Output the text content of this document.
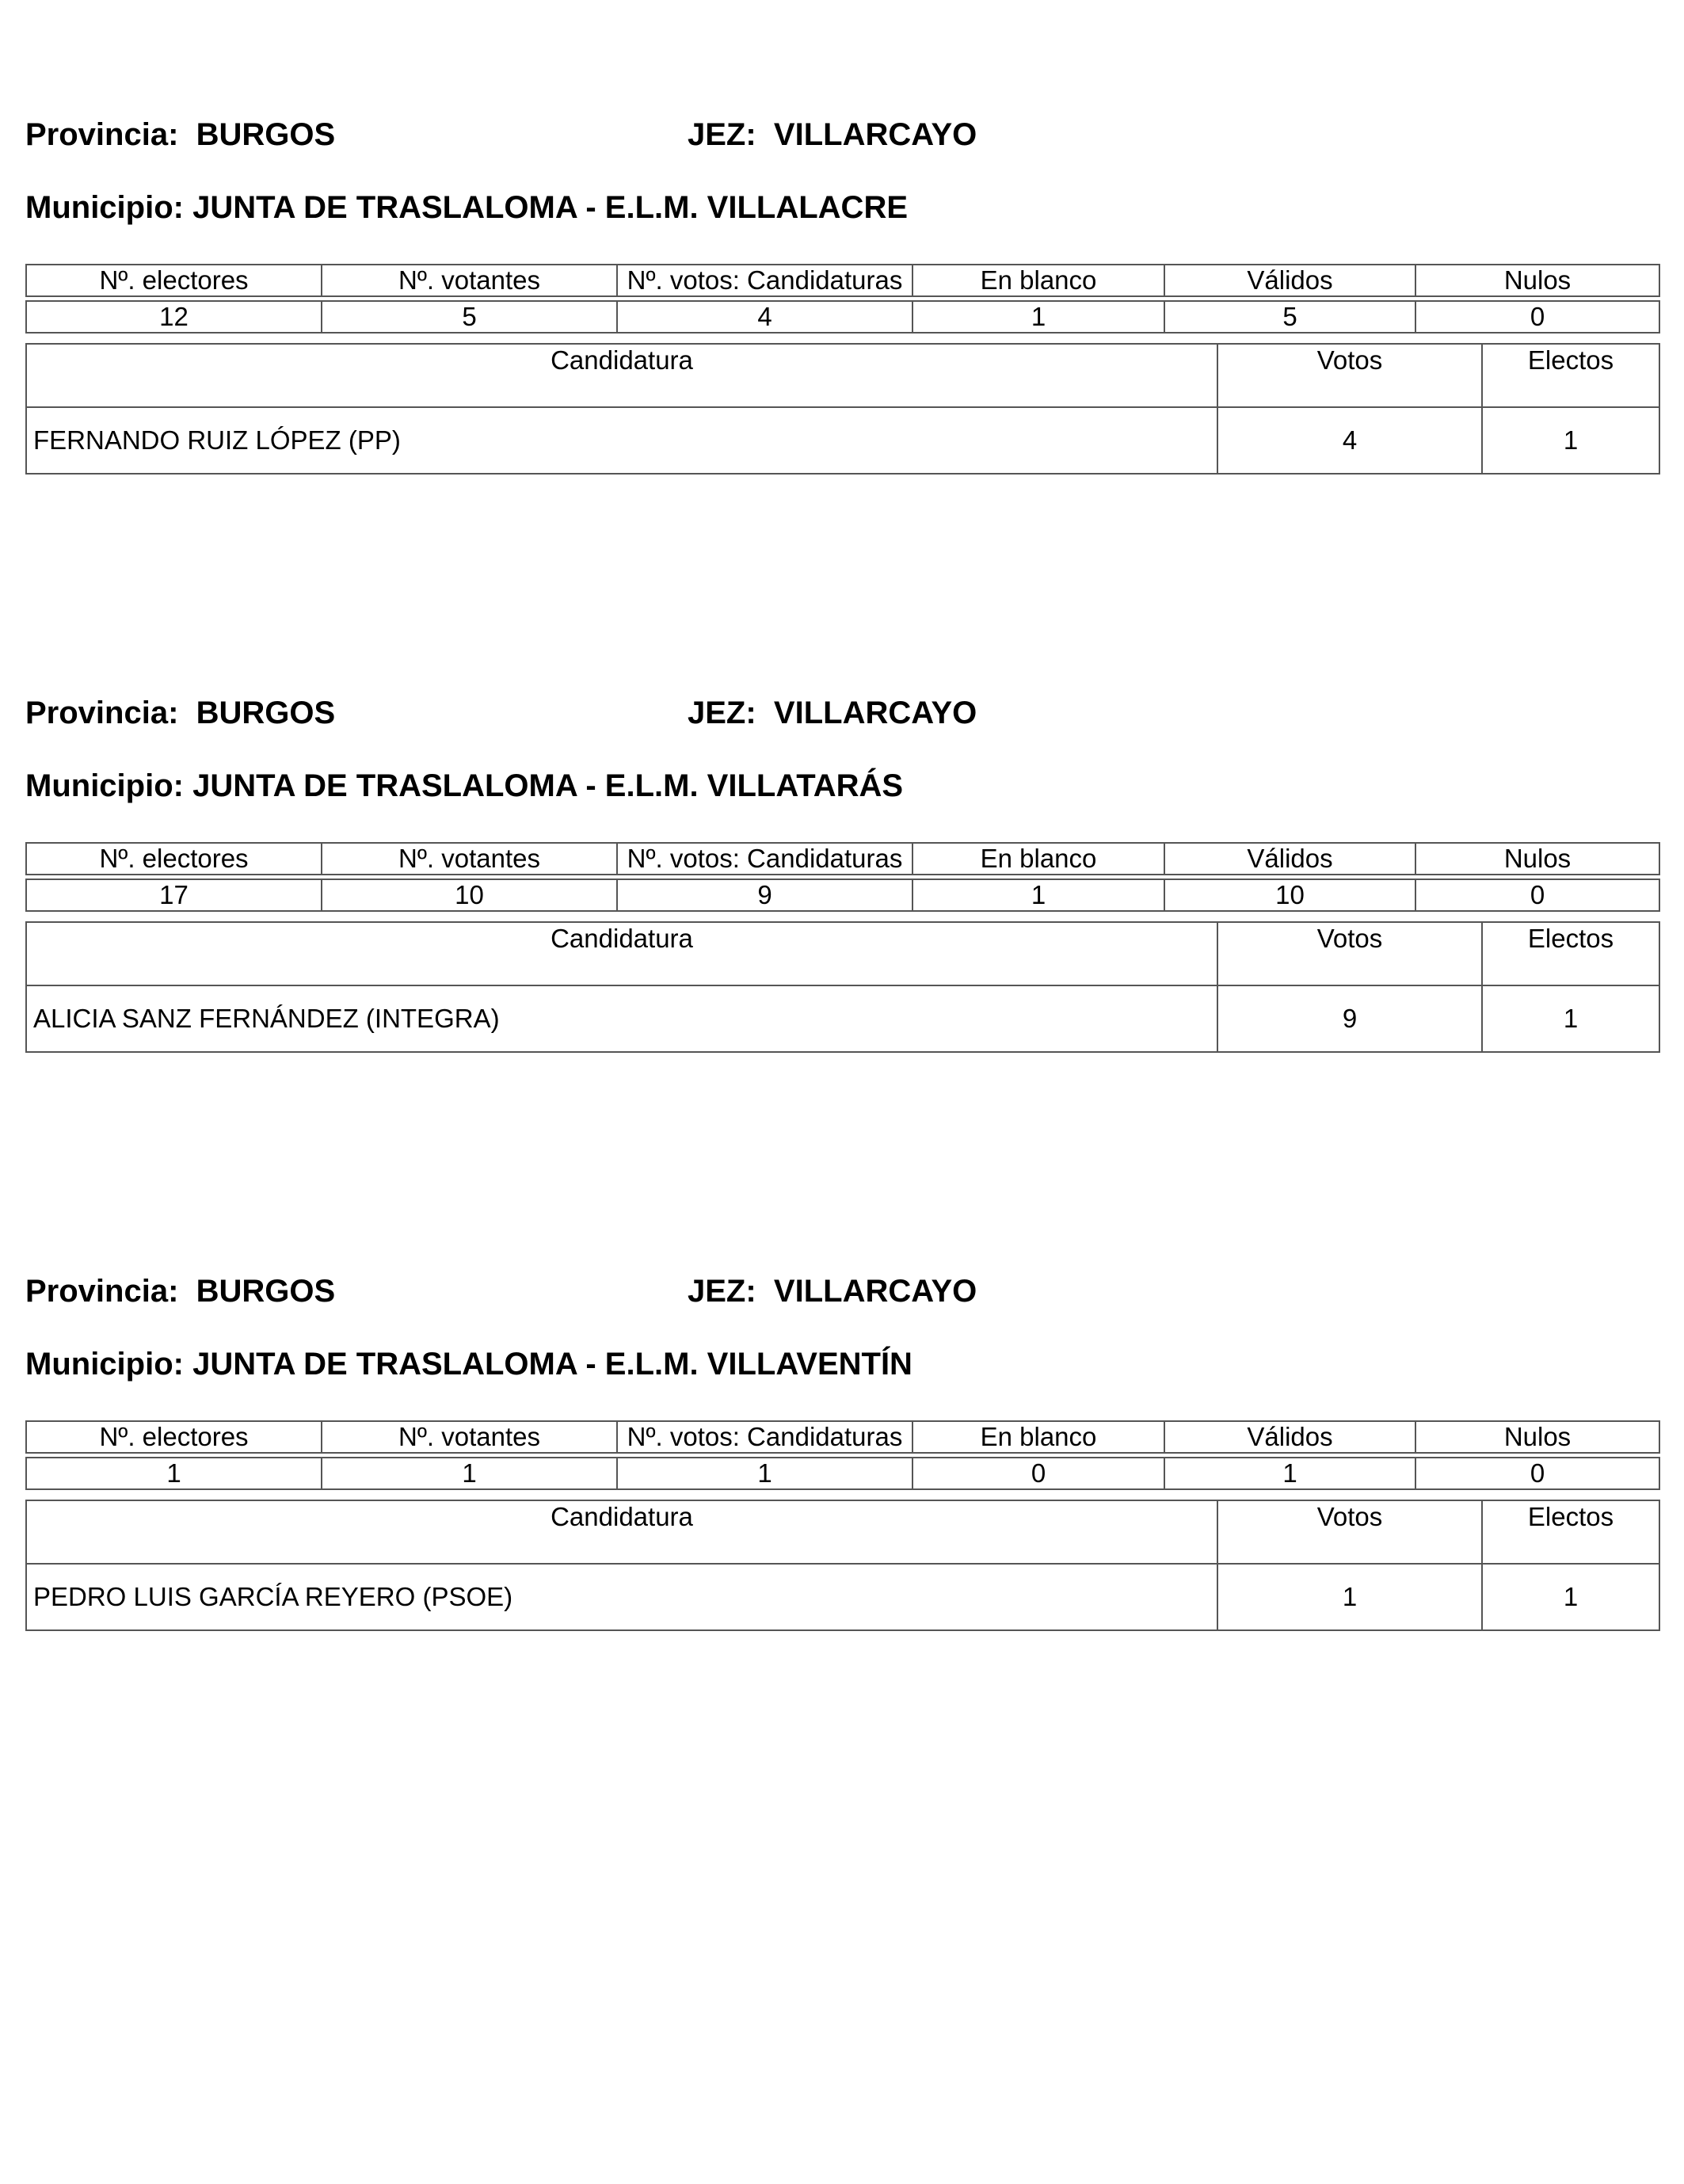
Provincia: BURGOS	JEZ: VILLARCAYO
Municipio: JUNTA DE TRASLALOMA - E.L.M. VILLALACRE
Nº. electores	Nº. votantes	Nº. votos: Candidaturas	En blanco	Válidos	Nulos

12	5	4	1	5	0
Candidatura	Votos	Electos
FERNANDO RUIZ LÓPEZ (PP)	4	1
Provincia: BURGOS	JEZ: VILLARCAYO
Municipio: JUNTA DE TRASLALOMA - E.L.M. VILLATARÁS
Nº. electores	Nº. votantes	Nº. votos: Candidaturas	En blanco	Válidos	Nulos

17	10	9	1	10	0
Candidatura	Votos	Electos
ALICIA SANZ FERNÁNDEZ (INTEGRA)	9	1
Provincia: BURGOS	JEZ: VILLARCAYO
Municipio: JUNTA DE TRASLALOMA - E.L.M. VILLAVENTÍN
Nº. electores	Nº. votantes	Nº. votos: Candidaturas	En blanco	Válidos	Nulos

1	1	1	0	1	0
Candidatura	Votos	Electos
PEDRO LUIS GARCÍA REYERO (PSOE)	1	1
